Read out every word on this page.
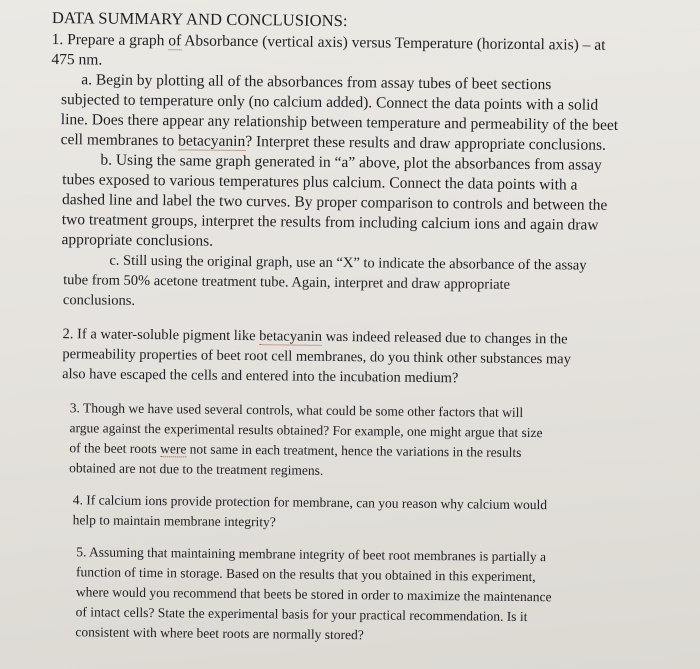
DATA SUMMARY AND CONCLUSIONS:
1. Prepare a graph of Absorbance (vertical axis) versus Temperature (horizontal axis) – at
475 nm.
a. Begin by plotting all of the absorbances from assay tubes of beet sections
subjected to temperature only (no calcium added). Connect the data points with a solid
line. Does there appear any relationship between temperature and permeability of the beet
cell membranes to betacyanin? Interpret these results and draw appropriate conclusions.
b. Using the same graph generated in “a” above, plot the absorbances from assay
tubes exposed to various temperatures plus calcium. Connect the data points with a
dashed line and label the two curves. By proper comparison to controls and between the
two treatment groups, interpret the results from including calcium ions and again draw
appropriate conclusions.
c. Still using the original graph, use an “X” to indicate the absorbance of the assay
tube from 50% acetone treatment tube. Again, interpret and draw appropriate
conclusions.
2. If a water-soluble pigment like betacyanin was indeed released due to changes in the
permeability properties of beet root cell membranes, do you think other substances may
also have escaped the cells and entered into the incubation medium?
3. Though we have used several controls, what could be some other factors that will
argue against the experimental results obtained? For example, one might argue that size
of the beet roots were not same in each treatment, hence the variations in the results
obtained are not due to the treatment regimens.
4. If calcium ions provide protection for membrane, can you reason why calcium would
help to maintain membrane integrity?
5. Assuming that maintaining membrane integrity of beet root membranes is partially a
function of time in storage. Based on the results that you obtained in this experiment,
where would you recommend that beets be stored in order to maximize the maintenance
of intact cells? State the experimental basis for your practical recommendation. Is it
consistent with where beet roots are normally stored?
